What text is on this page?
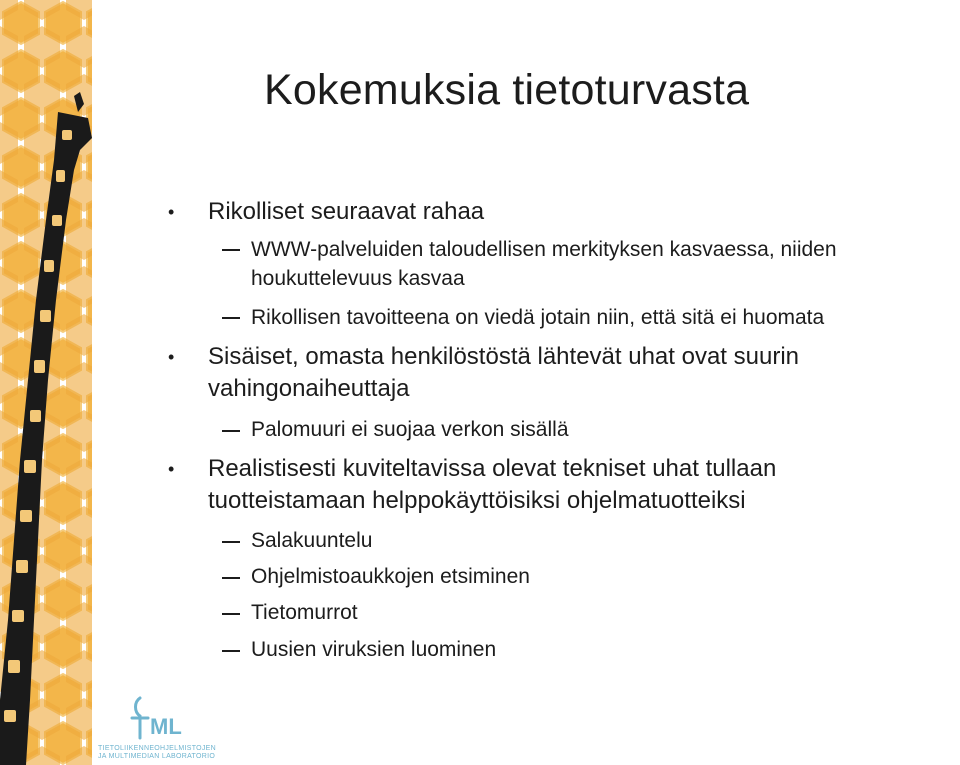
Kokemuksia tietoturvasta
• Rikolliset seuraavat rahaa
WWW-palveluiden taloudellisen merkityksen kasvaessa, niiden
houkuttelevuus kasvaa
Rikollisen tavoitteena on viedä jotain niin, että sitä ei huomata
• Sisäiset, omasta henkilöstöstä lähtevät uhat ovat suurin
vahingonaiheuttaja
Palomuuri ei suojaa verkon sisällä
• Realistisesti kuviteltavissa olevat tekniset uhat tullaan
tuotteistamaan helppokäyttöisiksi ohjelmatuotteiksi
Salakuuntelu
Ohjelmistoaukkojen etsiminen
Tietomurrot
Uusien viruksien luominen
ML
TIETOLIIKENNEOHJELMISTOJEN
JA MULTIMEDIAN LABORATORIO
